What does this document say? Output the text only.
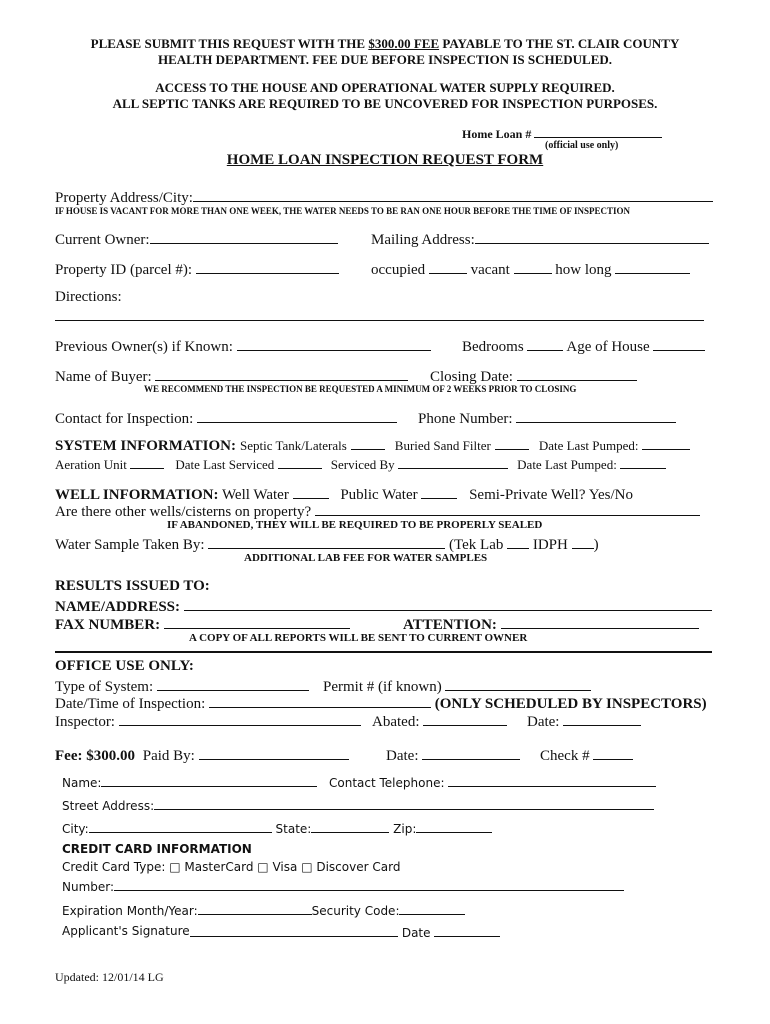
PLEASE SUBMIT THIS REQUEST WITH THE $300.00 FEE PAYABLE TO THE ST. CLAIR COUNTY
HEALTH DEPARTMENT. FEE DUE BEFORE INSPECTION IS SCHEDULED.
ACCESS TO THE HOUSE AND OPERATIONAL WATER SUPPLY REQUIRED.
ALL SEPTIC TANKS ARE REQUIRED TO BE UNCOVERED FOR INSPECTION PURPOSES.
Home Loan #
(official use only)
HOME LOAN INSPECTION REQUEST FORM
Property Address/City:
IF HOUSE IS VACANT FOR MORE THAN ONE WEEK, THE WATER NEEDS TO BE RAN ONE HOUR BEFORE THE TIME OF INSPECTION
Current Owner:	Mailing Address:
Property ID (parcel #):	occupied	vacant	how long
Directions:
Previous Owner(s) if Known:	Bedrooms	Age of House
Name of Buyer:	Closing Date:
WE RECOMMEND THE INSPECTION BE REQUESTED A MINIMUM OF 2 WEEKS PRIOR TO CLOSING
Contact for Inspection:	Phone Number:
SYSTEM INFORMATION: Septic Tank/Laterals	Buried Sand Filter	Date Last Pumped:
Aeration Unit	Date Last Serviced	Serviced By	Date Last Pumped:
WELL INFORMATION: Well Water	Public Water	Semi-Private Well? Yes/No
Are there other wells/cisterns on property?
IF ABANDONED, THEY WILL BE REQUIRED TO BE PROPERLY SEALED
Water Sample Taken By:	(Tek Lab IDPH )
ADDITIONAL LAB FEE FOR WATER SAMPLES
RESULTS ISSUED TO:
NAME/ADDRESS:
FAX NUMBER:	ATTENTION:
A COPY OF ALL REPORTS WILL BE SENT TO CURRENT OWNER
OFFICE USE ONLY:
Type of System:	Permit # (if known)
Date/Time of Inspection:	(ONLY SCHEDULED BY INSPECTORS)
Inspector:	Abated:	Date:
Fee: $300.00 Paid By:	Date:	Check #
Name:	Contact Telephone:
Street Address:
City:	State:	Zip:
CREDIT CARD INFORMATION
Credit Card Type: □ MasterCard □ Visa □ Discover Card
Number:
Expiration Month/Year:	Security Code:
Applicant's Signature	Date
Updated: 12/01/14 LG
